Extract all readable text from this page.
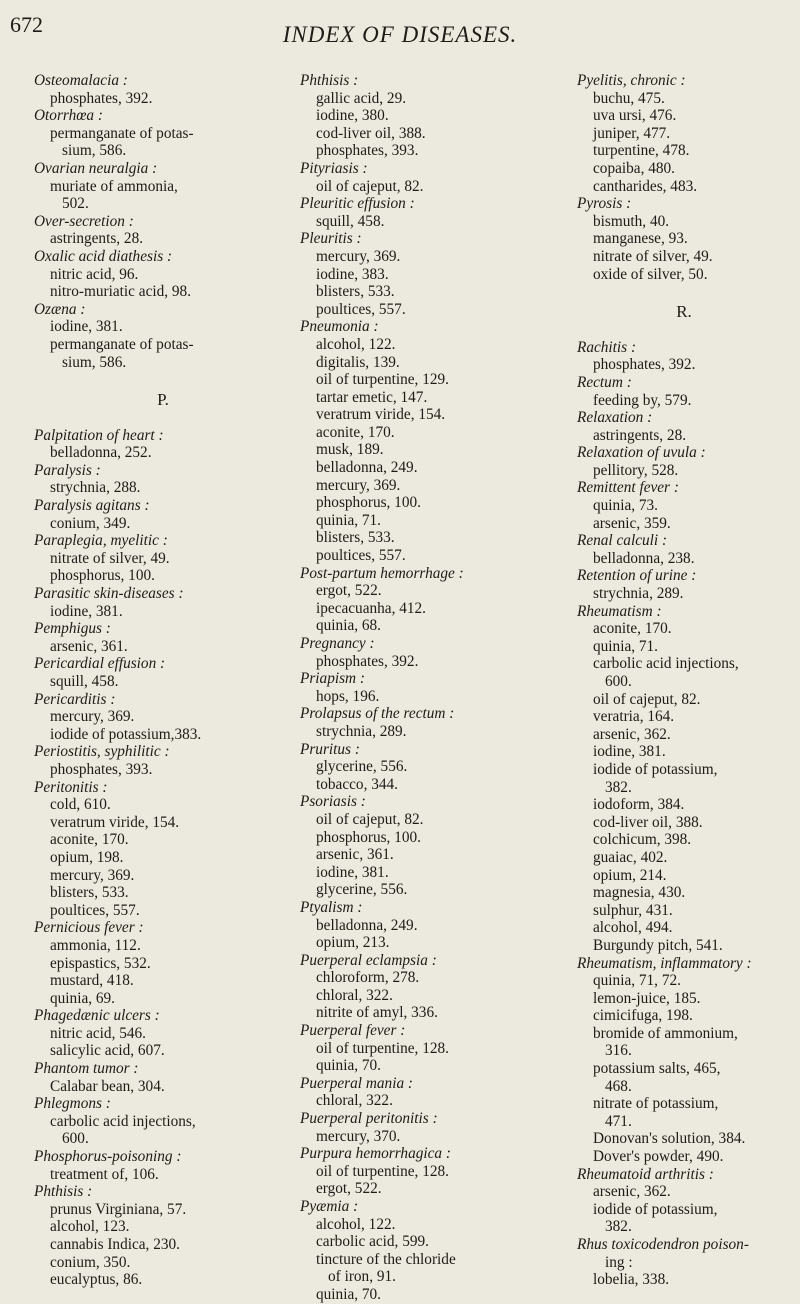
672	INDEX OF DISEASES.
Osteomalacia :
phosphates, 392.
Otorrhœa :
permanganate of potas-
sium, 586.
Ovarian neuralgia :
muriate of ammonia,
502.
Over-secretion :
astringents, 28.
Oxalic acid diathesis :
nitric acid, 96.
nitro-muriatic acid, 98.
Ozæna :
iodine, 381.
permanganate of potas-
sium, 586.
P.
Palpitation of heart :
belladonna, 252.
Paralysis :
strychnia, 288.
Paralysis agitans :
conium, 349.
Paraplegia, myelitic :
nitrate of silver, 49.
phosphorus, 100.
Parasitic skin-diseases :
iodine, 381.
Pemphigus :
arsenic, 361.
Pericardial effusion :
squill, 458.
Pericarditis :
mercury, 369.
iodide of potassium,383.
Periostitis, syphilitic :
phosphates, 393.
Peritonitis :
cold, 610.
veratrum viride, 154.
aconite, 170.
opium, 198.
mercury, 369.
blisters, 533.
poultices, 557.
Pernicious fever :
ammonia, 112.
epispastics, 532.
mustard, 418.
quinia, 69.
Phagedænic ulcers :
nitric acid, 546.
salicylic acid, 607.
Phantom tumor :
Calabar bean, 304.
Phlegmons :
carbolic acid injections,
600.
Phosphorus-poisoning :
treatment of, 106.
Phthisis :
prunus Virginiana, 57.
alcohol, 123.
cannabis Indica, 230.
conium, 350.
eucalyptus, 86.
Phthisis :
gallic acid, 29.
iodine, 380.
cod-liver oil, 388.
phosphates, 393.
Pityriasis :
oil of cajeput, 82.
Pleuritic effusion :
squill, 458.
Pleuritis :
mercury, 369.
iodine, 383.
blisters, 533.
poultices, 557.
Pneumonia :
alcohol, 122.
digitalis, 139.
oil of turpentine, 129.
tartar emetic, 147.
veratrum viride, 154.
aconite, 170.
musk, 189.
belladonna, 249.
mercury, 369.
phosphorus, 100.
quinia, 71.
blisters, 533.
poultices, 557.
Post-partum hemorrhage :
ergot, 522.
ipecacuanha, 412.
quinia, 68.
Pregnancy :
phosphates, 392.
Priapism :
hops, 196.
Prolapsus of the rectum :
strychnia, 289.
Pruritus :
glycerine, 556.
tobacco, 344.
Psoriasis :
oil of cajeput, 82.
phosphorus, 100.
arsenic, 361.
iodine, 381.
glycerine, 556.
Ptyalism :
belladonna, 249.
opium, 213.
Puerperal eclampsia :
chloroform, 278.
chloral, 322.
nitrite of amyl, 336.
Puerperal fever :
oil of turpentine, 128.
quinia, 70.
Puerperal mania :
chloral, 322.
Puerperal peritonitis :
mercury, 370.
Purpura hemorrhagica :
oil of turpentine, 128.
ergot, 522.
Pyæmia :
alcohol, 122.
carbolic acid, 599.
tincture of the chloride
of iron, 91.
quinia, 70.
Pyelitis, chronic :
buchu, 475.
uva ursi, 476.
juniper, 477.
turpentine, 478.
copaiba, 480.
cantharides, 483.
Pyrosis :
bismuth, 40.
manganese, 93.
nitrate of silver, 49.
oxide of silver, 50.
R.
Rachitis :
phosphates, 392.
Rectum :
feeding by, 579.
Relaxation :
astringents, 28.
Relaxation of uvula :
pellitory, 528.
Remittent fever :
quinia, 73.
arsenic, 359.
Renal calculi :
belladonna, 238.
Retention of urine :
strychnia, 289.
Rheumatism :
aconite, 170.
quinia, 71.
carbolic acid injections,
600.
oil of cajeput, 82.
veratria, 164.
arsenic, 362.
iodine, 381.
iodide of potassium,
382.
iodoform, 384.
cod-liver oil, 388.
colchicum, 398.
guaiac, 402.
opium, 214.
magnesia, 430.
sulphur, 431.
alcohol, 494.
Burgundy pitch, 541.
Rheumatism, inflammatory :
quinia, 71, 72.
lemon-juice, 185.
cimicifuga, 198.
bromide of ammonium,
316.
potassium salts, 465,
468.
nitrate of potassium,
471.
Donovan's solution, 384.
Dover's powder, 490.
Rheumatoid arthritis :
arsenic, 362.
iodide of potassium,
382.
Rhus toxicodendron poison-
ing :
lobelia, 338.
